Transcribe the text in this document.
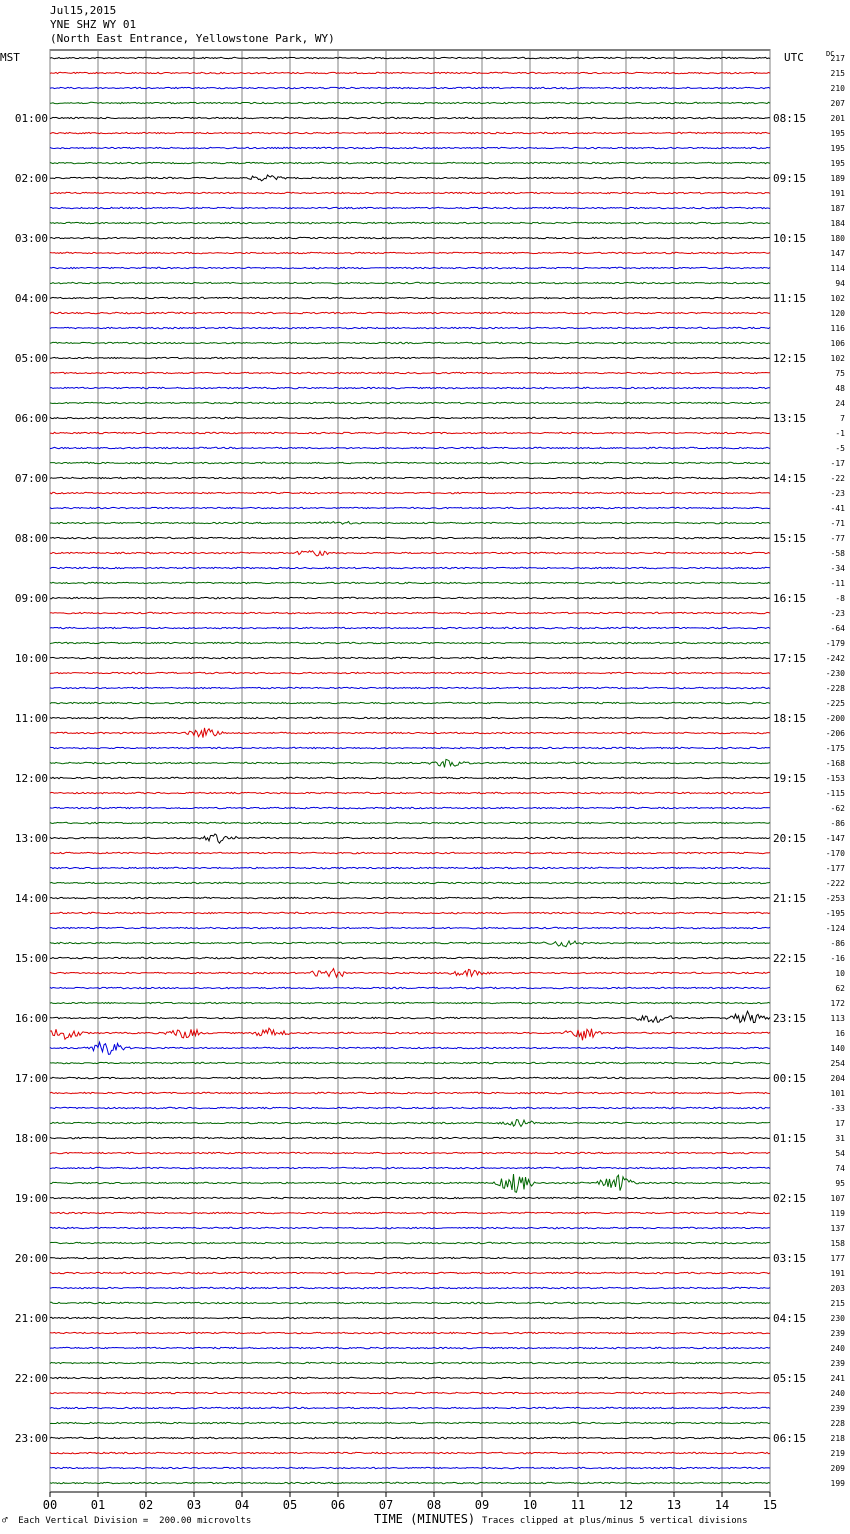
Jul15,2015
YNE SHZ WY 01
(North East Entrance, Yellowstone Park, WY)
00	01	02	03	04	05	06	07	08	09	10	11	12	13	14	15
217
215
210
207
201
195
195
195
189
191
187
184
180
147
114
94
102
120
116
106
102
75
48
24
7
-1
-5
-17
-22
-23
-41
-71
-77
-58
-34
-11
-8
-23
-64
-179
-242
-230
-228
-225
-200
-206
-175
-168
-153
-115
-62
-86
-147
-170
-177
-222
-253
-195
-124
-86
-16
10
62
172
113
16
140
254
204
101
-33
17
31
54
74
95
107
119
137
158
177
191
203
215
230
239
240
239
241
240
239
228
218
219
209
199
MST	UTC	DC
01:00
02:00
03:00
04:00
05:00
06:00
07:00
08:00
09:00
10:00
11:00
12:00
13:00
14:00
15:00
16:00
17:00
18:00
19:00
20:00
21:00
22:00
23:00
08:15
09:15
10:15
11:15
12:15
13:15
14:15
15:15
16:15
17:15
18:15
19:15
20:15
21:15
22:15
23:15
00:15
01:15
02:15
03:15
04:15
05:15
06:15
♂ Each Vertical Division =  200.00 microvolts	TIME (MINUTES) Traces clipped at plus/minus 5 vertical divisions
